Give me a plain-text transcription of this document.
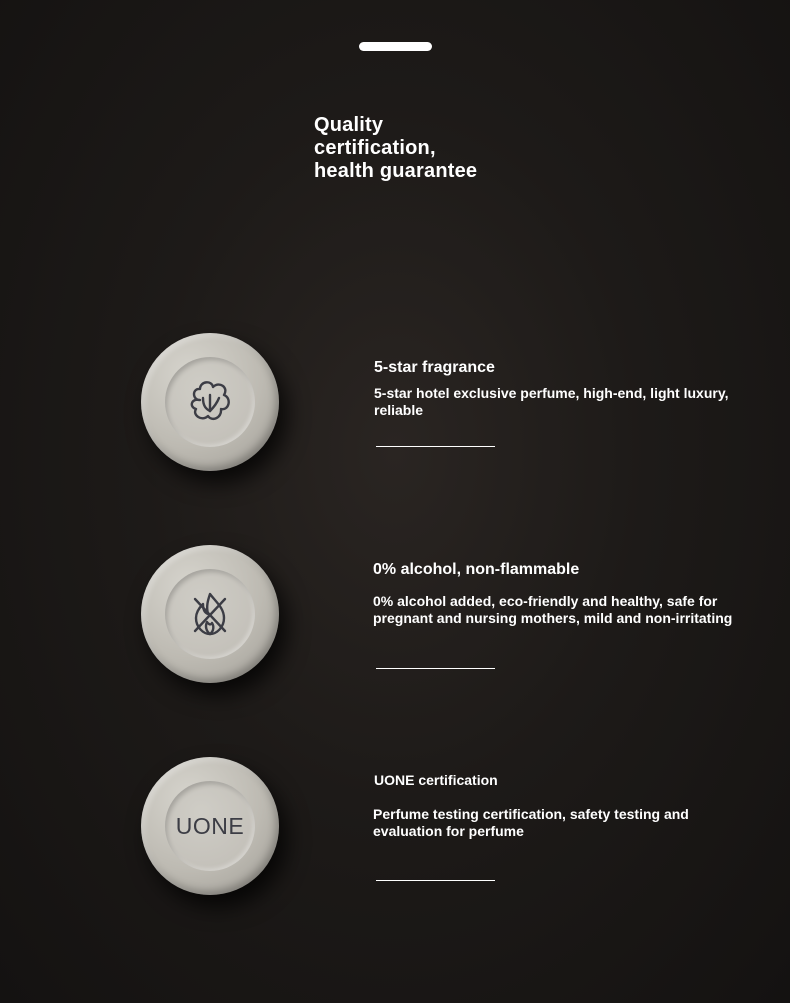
Quality
certification,
health guarantee
5-star fragrance
5-star hotel exclusive perfume, high-end, light luxury, reliable
0% alcohol, non-flammable
0% alcohol added, eco-friendly and healthy, safe for pregnant and nursing mothers, mild and non-irritating
UONE
UONE certification
Perfume testing certification, safety testing and evaluation for perfume
